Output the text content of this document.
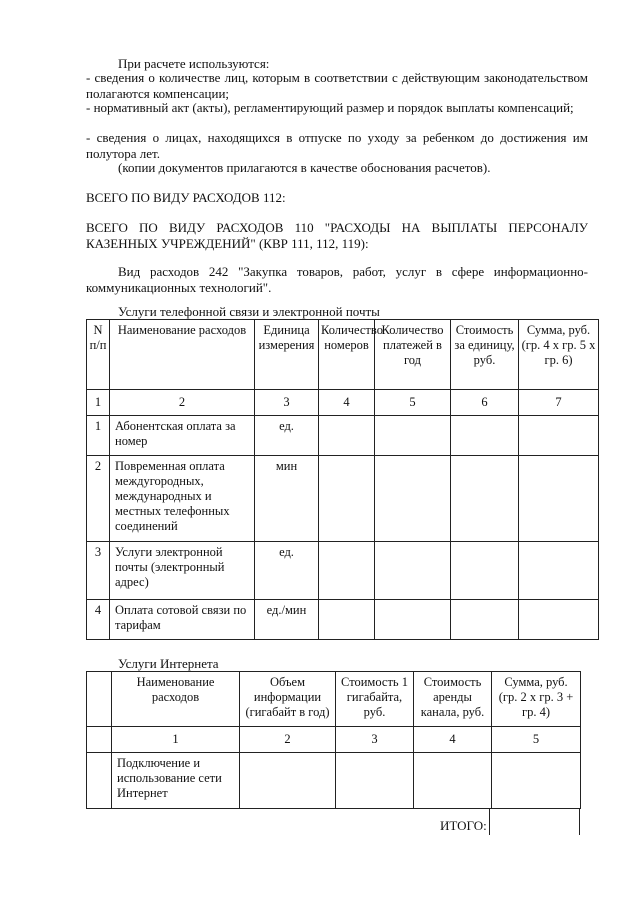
При расчете используются:

- сведения о количестве лиц, которым в соответствии с действующим законодательством полагаются компенсации;

- нормативный акт (акты), регламентирующий размер и порядок выплаты компенсаций;

- сведения о лицах, находящихся в отпуске по уходу за ребенком до достижения им полутора лет.

(копии документов прилагаются в качестве обоснования расчетов).

ВСЕГО ПО ВИДУ РАСХОДОВ 112:

ВСЕГО ПО ВИДУ РАСХОДОВ 110 "РАСХОДЫ НА ВЫПЛАТЫ ПЕРСОНАЛУ КАЗЕННЫХ УЧРЕЖДЕНИЙ" (КВР 111, 112, 119):

Вид расходов 242 "Закупка товаров, работ, услуг в сфере информационно-коммуникационных технологий".

Услуги телефонной связи и электронной почты

N п/п	Наименование расходов	Единица измерения	Количество номеров	Количество платежей в год	Стоимость за единицу, руб.	Сумма, руб. (гр. 4 х гр. 5 х гр. 6)
1	2	3	4	5	6	7
1	Абонентская оплата за номер	ед.				
2	Повременная оплата междугородных, международных и местных телефонных соединений	мин				
3	Услуги электронной почты (электронный адрес)	ед.				
4	Оплата сотовой связи по тарифам	ед./мин				

Услуги Интернета

	Наименование расходов	Объем информации (гигабайт в год)	Стоимость 1 гигабайта, руб.	Стоимость аренды канала, руб.	Сумма, руб. (гр. 2 х гр. 3 + гр. 4)
	1	2	3	4	5
	Подключение и использование сети Интернет				
ИТОГО:
